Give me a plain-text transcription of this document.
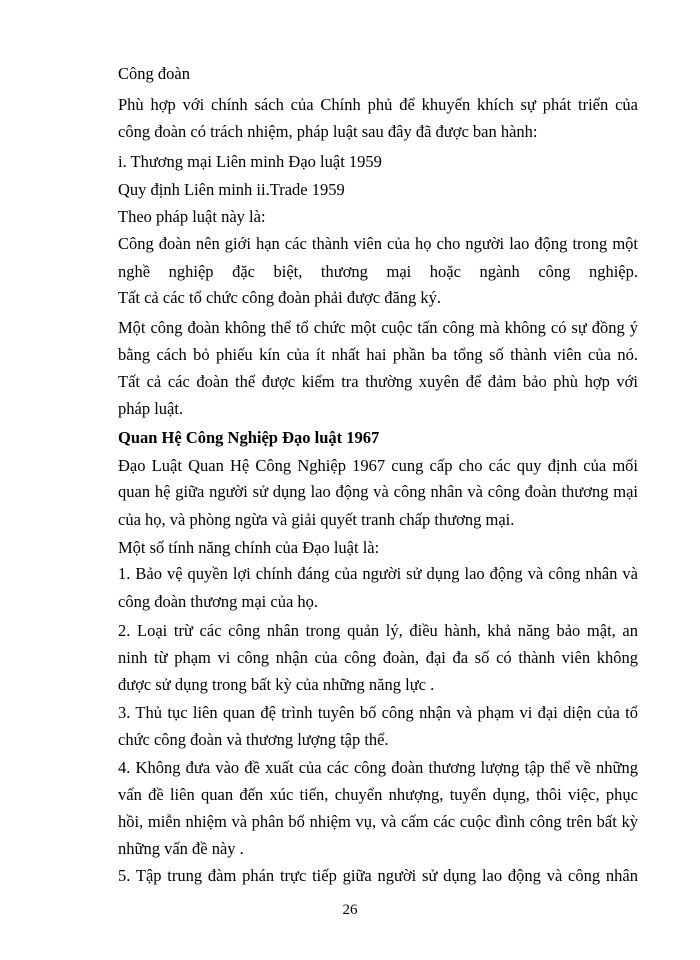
Công đoàn
Phù hợp với chính sách của Chính phủ để khuyến khích sự phát triển của
công đoàn có trách nhiệm, pháp luật sau đây đã được ban hành:
i. Thương mại Liên minh Đạo luật 1959
Quy định Liên minh ii.Trade 1959
Theo pháp luật này là:
Công đoàn nên giới hạn các thành viên của họ cho người lao động trong một
nghề nghiệp đặc biệt, thương mại hoặc ngành công nghiệp.
Tất cả các tổ chức công đoàn phải được đăng ký.
Một công đoàn không thể tổ chức một cuộc tấn công mà không có sự đồng ý
bằng cách bỏ phiếu kín của ít nhất hai phần ba tổng số thành viên của nó.
Tất cả các đoàn thể được kiểm tra thường xuyên để đảm bảo phù hợp với
pháp luật.
Quan Hệ Công Nghiệp Đạo luật 1967
Đạo Luật Quan Hệ Công Nghiệp 1967 cung cấp cho các quy định của mối
quan hệ giữa người sử dụng lao động và công nhân và công đoàn thương mại
của họ, và phòng ngừa và giải quyết tranh chấp thương mại.
Một số tính năng chính của Đạo luật là:
1. Bảo vệ quyền lợi chính đáng của người sử dụng lao động và công nhân và
công đoàn thương mại của họ.
2. Loại trừ các công nhân trong quản lý, điều hành, khả năng bảo mật, an
ninh từ phạm vi công nhận của công đoàn, đại đa số có thành viên không
được sử dụng trong bất kỳ của những năng lực .
3. Thủ tục liên quan đệ trình tuyên bố công nhận và phạm vi đại diện của tổ
chức công đoàn và thương lượng tập thể.
4. Không đưa vào đề xuất của các công đoàn thương lượng tập thể về những
vấn đề liên quan đến xúc tiến, chuyển nhượng, tuyển dụng, thôi việc, phục
hồi, miễn nhiệm và phân bổ nhiệm vụ, và cấm các cuộc đình công trên bất kỳ
những vấn đề này .
5. Tập trung đàm phán trực tiếp giữa người sử dụng lao động và công nhân
26
